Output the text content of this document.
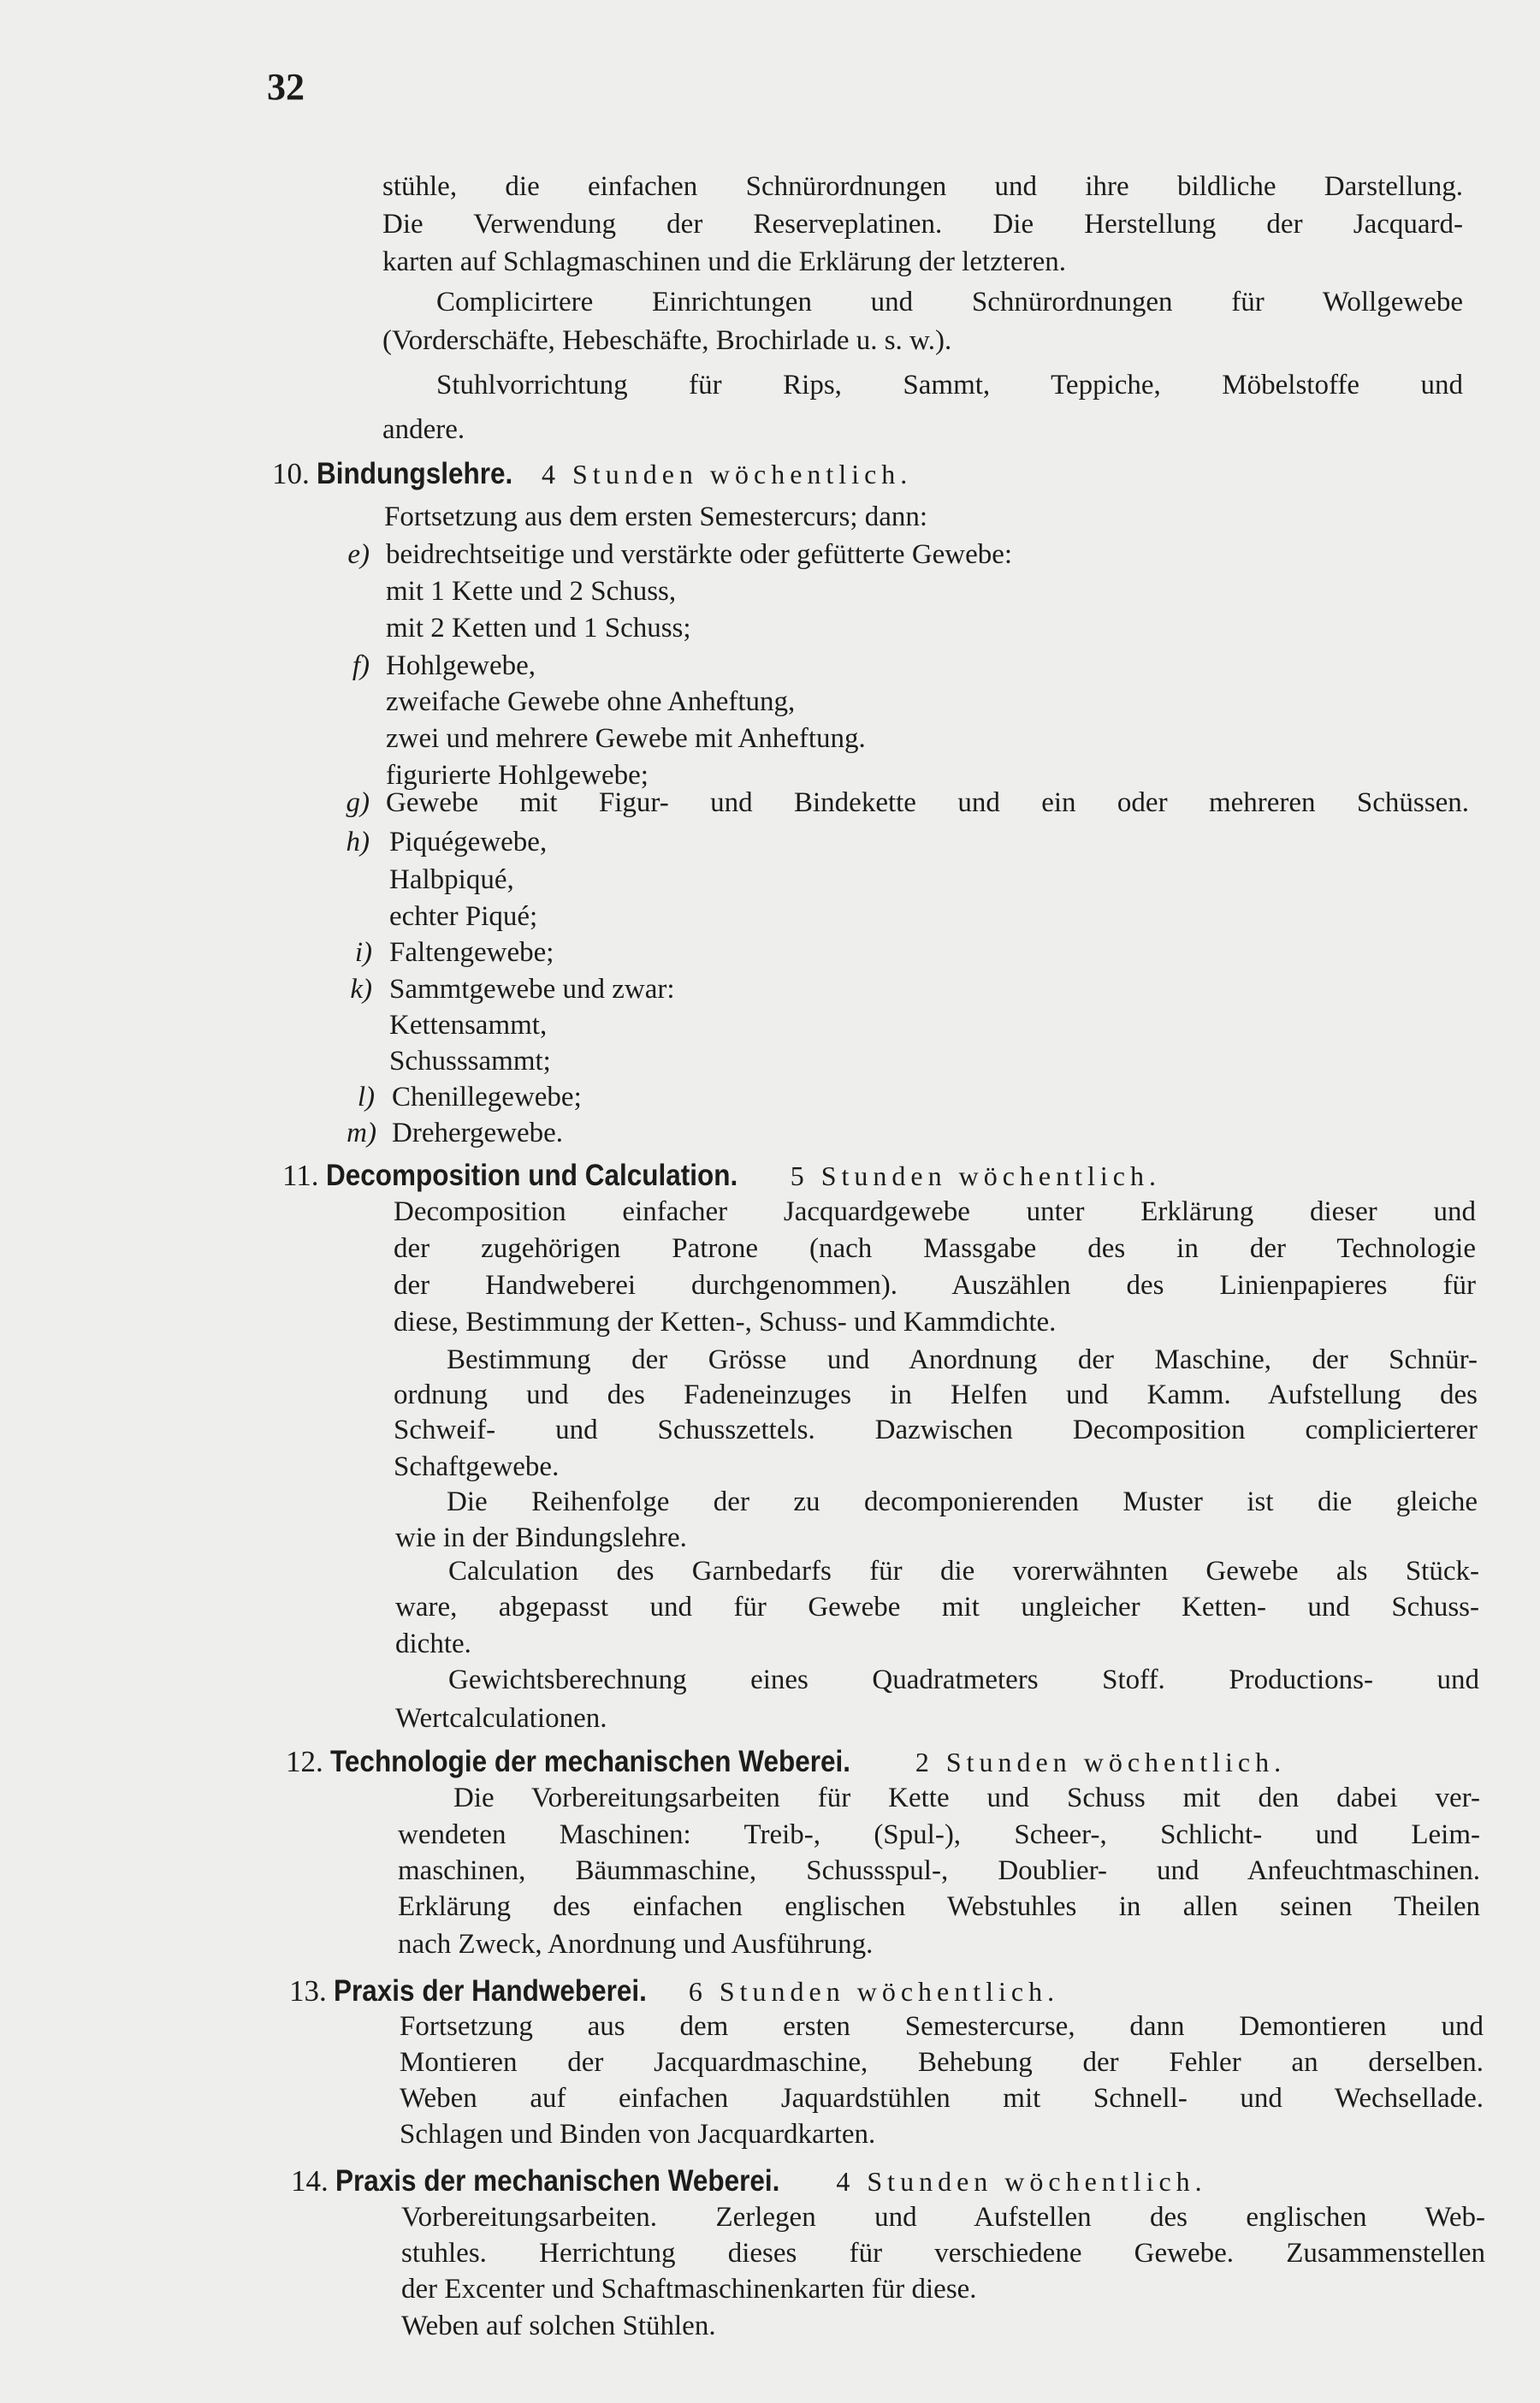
32
stühle, die einfachen Schnürordnungen und ihre bildliche Darstellung.
Die Verwendung der Reserveplatinen. Die Herstellung der Jacquard-
karten auf Schlagmaschinen und die Erklärung der letzteren.
Complicirtere Einrichtungen und Schnürordnungen für Wollgewebe
(Vorderschäfte, Hebeschäfte, Brochirlade u. s. w.).
Stuhlvorrichtung für Rips, Sammt, Teppiche, Möbelstoffe und
andere.
10. Bindungslehre. 4 Stunden wöchentlich.
Fortsetzung aus dem ersten Semestercurs; dann:
e) beidrechtseitige und verstärkte oder gefütterte Gewebe:
mit 1 Kette und 2 Schuss,
mit 2 Ketten und 1 Schuss;
f) Hohlgewebe,
zweifache Gewebe ohne Anheftung,
zwei und mehrere Gewebe mit Anheftung.
figurierte Hohlgewebe;
g) Gewebe mit Figur- und Bindekette und ein oder mehreren Schüssen.
h) Piquégewebe,
Halbpiqué,
echter Piqué;
i) Faltengewebe;
k) Sammtgewebe und zwar:
Kettensammt,
Schusssammt;
l) Chenillegewebe;
m) Drehergewebe.
11. Decomposition und Calculation. 5 Stunden wöchentlich.
Decomposition einfacher Jacquardgewebe unter Erklärung dieser und
der zugehörigen Patrone (nach Massgabe des in der Technologie
der Handweberei durchgenommen). Auszählen des Linienpapieres für
diese, Bestimmung der Ketten-, Schuss- und Kammdichte.
Bestimmung der Grösse und Anordnung der Maschine, der Schnür-
ordnung und des Fadeneinzuges in Helfen und Kamm. Aufstellung des
Schweif- und Schusszettels. Dazwischen Decomposition complicierterer
Schaftgewebe.
Die Reihenfolge der zu decomponierenden Muster ist die gleiche
wie in der Bindungslehre.
Calculation des Garnbedarfs für die vorerwähnten Gewebe als Stück-
ware, abgepasst und für Gewebe mit ungleicher Ketten- und Schuss-
dichte.
Gewichtsberechnung eines Quadratmeters Stoff. Productions- und
Wertcalculationen.
12. Technologie der mechanischen Weberei. 2 Stunden wöchentlich.
Die Vorbereitungsarbeiten für Kette und Schuss mit den dabei ver-
wendeten Maschinen: Treib-, (Spul-), Scheer-, Schlicht- und Leim-
maschinen, Bäummaschine, Schussspul-, Doublier- und Anfeuchtmaschinen.
Erklärung des einfachen englischen Webstuhles in allen seinen Theilen
nach Zweck, Anordnung und Ausführung.
13. Praxis der Handweberei. 6 Stunden wöchentlich.
Fortsetzung aus dem ersten Semestercurse, dann Demontieren und
Montieren der Jacquardmaschine, Behebung der Fehler an derselben.
Weben auf einfachen Jaquardstühlen mit Schnell- und Wechsellade.
Schlagen und Binden von Jacquardkarten.
14. Praxis der mechanischen Weberei. 4 Stunden wöchentlich.
Vorbereitungsarbeiten. Zerlegen und Aufstellen des englischen Web-
stuhles. Herrichtung dieses für verschiedene Gewebe. Zusammenstellen
der Excenter und Schaftmaschinenkarten für diese.
Weben auf solchen Stühlen.
